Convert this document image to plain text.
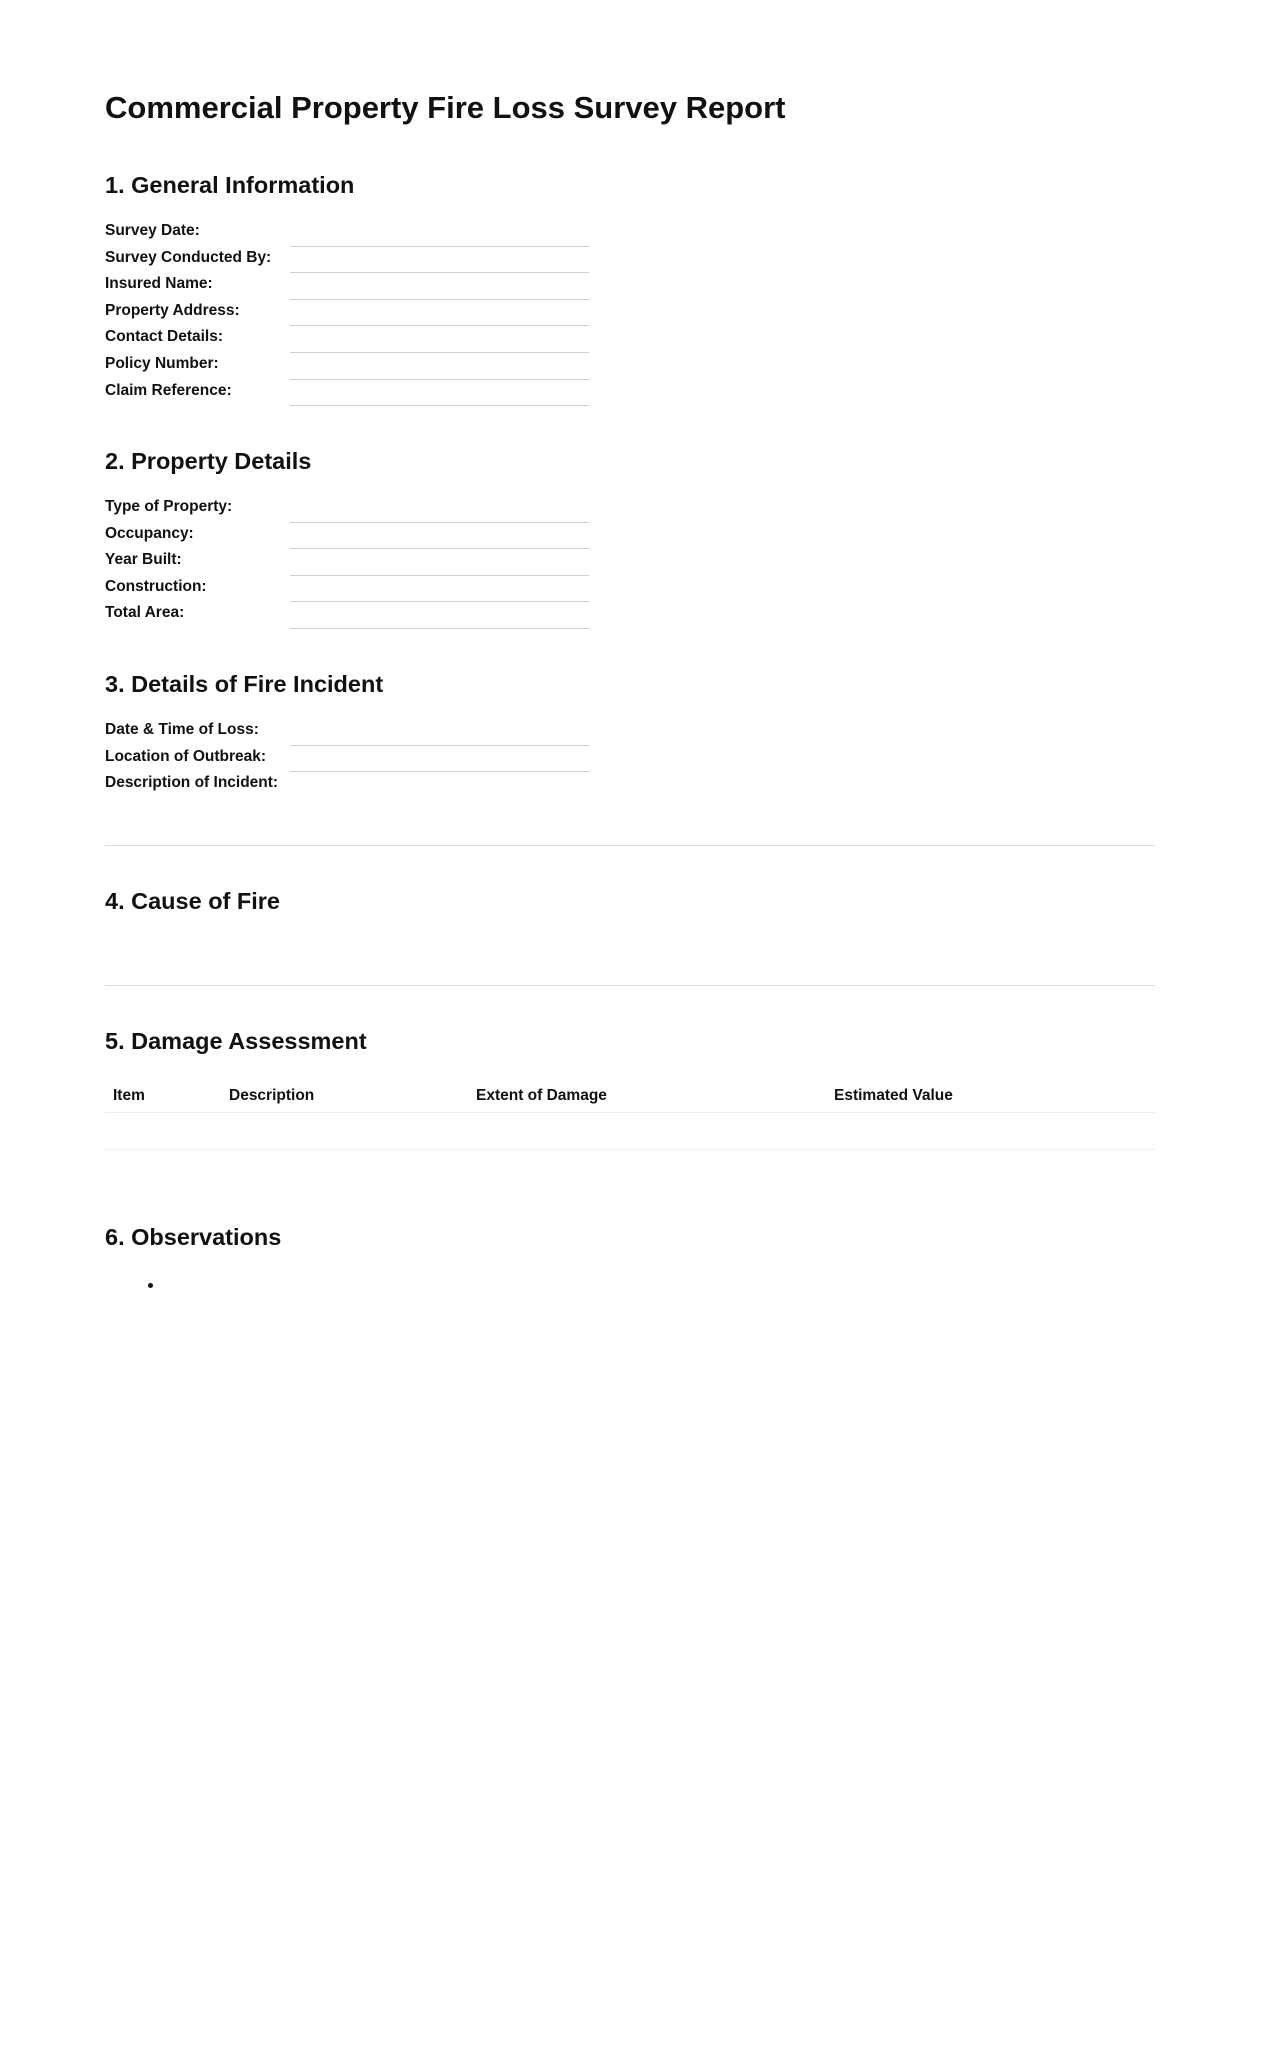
Commercial Property Fire Loss Survey Report
1. General Information
Survey Date:
Survey Conducted By:
Insured Name:
Property Address:
Contact Details:
Policy Number:
Claim Reference:
2. Property Details
Type of Property:
Occupancy:
Year Built:
Construction:
Total Area:
3. Details of Fire Incident
Date & Time of Loss:
Location of Outbreak:
Description of Incident:
4. Cause of Fire
5. Damage Assessment
Item	Description	Extent of Damage	Estimated Value

6. Observations
